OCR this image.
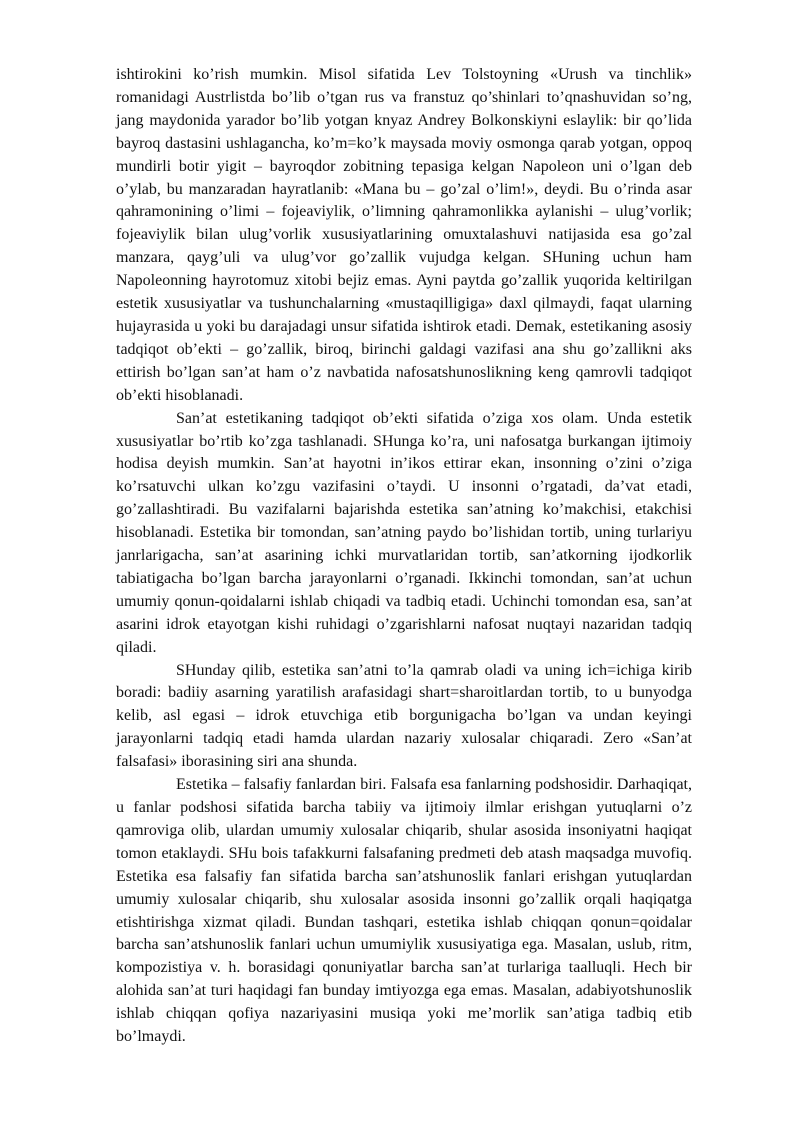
ishtirokini ko’rish mumkin. Misol sifatida Lev Tolstoyning «Urush va tinchlik» romanidagi Austrlistda bo’lib o’tgan rus va franstuz qo’shinlari to’qnashuvidan so’ng, jang maydonida yarador bo’lib yotgan knyaz Andrey Bolkonskiyni eslaylik: bir qo’lida bayroq dastasini ushlagancha, ko’m=ko’k maysada moviy osmonga qarab yotgan, oppoq mundirli botir yigit – bayroqdor zobitning tepasiga kelgan Napoleon uni o’lgan deb o’ylab, bu manzaradan hayratlanib: «Mana bu – go’zal o’lim!», deydi. Bu o’rinda asar qahramonining o’limi – fojeaviylik, o’limning qahramonlikka aylanishi – ulug’vorlik; fojeaviylik bilan ulug’vorlik xususiyatlarining omuxtalashuvi natijasida esa go’zal manzara, qayg’uli va ulug’vor go’zallik vujudga kelgan. SHuning uchun ham Napoleonning hayrotomuz xitobi bejiz emas. Ayni paytda go’zallik yuqorida keltirilgan estetik xususiyatlar va tushunchalarning «mustaqilligiga» daxl qilmaydi, faqat ularning hujayrasida u yoki bu darajadagi unsur sifatida ishtirok etadi. Demak, estetikaning asosiy tadqiqot ob’ekti – go’zallik, biroq, birinchi galdagi vazifasi ana shu go’zallikni aks ettirish bo’lgan san’at ham o’z navbatida nafosatshunoslikning keng qamrovli tadqiqot ob’ekti hisoblanadi.

San’at estetikaning tadqiqot ob’ekti sifatida o’ziga xos olam. Unda estetik xususiyatlar bo’rtib ko’zga tashlanadi. SHunga ko’ra, uni nafosatga burkangan ijtimoiy hodisa deyish mumkin. San’at hayotni in’ikos ettirar ekan, insonning o’zini o’ziga ko’rsatuvchi ulkan ko’zgu vazifasini o’taydi. U insonni o’rgatadi, da’vat etadi, go’zallashtiradi. Bu vazifalarni bajarishda estetika san’atning ko’makchisi, etakchisi hisoblanadi. Estetika bir tomondan, san’atning paydo bo’lishidan tortib, uning turlariyu janrlarigacha, san’at asarining ichki murvatlaridan tortib, san’atkorning ijodkorlik tabiatigacha bo’lgan barcha jarayonlarni o’rganadi. Ikkinchi tomondan, san’at uchun umumiy qonun-qoidalarni ishlab chiqadi va tadbiq etadi. Uchinchi tomondan esa, san’at asarini idrok etayotgan kishi ruhidagi o’zgarishlarni nafosat nuqtayi nazaridan tadqiq qiladi.

SHunday qilib, estetika san’atni to’la qamrab oladi va uning ich=ichiga kirib boradi: badiiy asarning yaratilish arafasidagi shart=sharoitlardan tortib, to u bunyodga kelib, asl egasi – idrok etuvchiga etib borgunigacha bo’lgan va undan keyingi jarayonlarni tadqiq etadi hamda ulardan nazariy xulosalar chiqaradi. Zero «San’at falsafasi» iborasining siri ana shunda.

Estetika – falsafiy fanlardan biri. Falsafa esa fanlarning podshosidir. Darhaqiqat, u fanlar podshosi sifatida barcha tabiiy va ijtimoiy ilmlar erishgan yutuqlarni o’z qamroviga olib, ulardan umumiy xulosalar chiqarib, shular asosida insoniyatni haqiqat tomon etaklaydi. SHu bois tafakkurni falsafaning predmeti deb atash maqsadga muvofiq. Estetika esa falsafiy fan sifatida barcha san’atshunoslik fanlari erishgan yutuqlardan umumiy xulosalar chiqarib, shu xulosalar asosida insonni go’zallik orqali haqiqatga etishtirishga xizmat qiladi. Bundan tashqari, estetika ishlab chiqqan qonun=qoidalar barcha san’atshunoslik fanlari uchun umumiylik xususiyatiga ega. Masalan, uslub, ritm, kompozistiya v. h. borasidagi qonuniyatlar barcha san’at turlariga taalluqli. Hech bir alohida san’at turi haqidagi fan bunday imtiyozga ega emas. Masalan, adabiyotshunoslik ishlab chiqqan qofiya nazariyasini musiqa yoki me’morlik san’atiga tadbiq etib bo’lmaydi.
